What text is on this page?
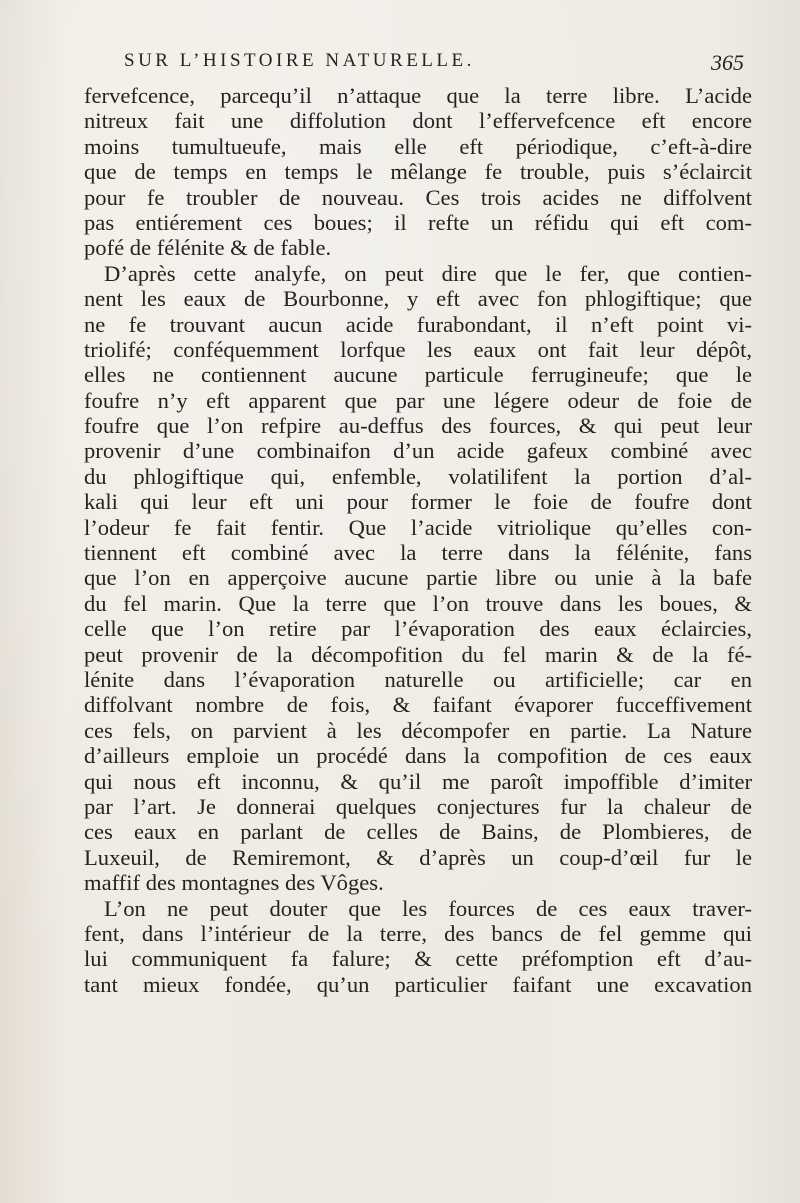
SUR L’HISTOIRE NATURELLE.	365
fervefcence, parcequ’il n’attaque que la terre libre. L’acide
nitreux fait une diffolution dont l’effervefcence eft encore
moins tumultueufe, mais elle eft périodique, c’eft-à-dire
que de temps en temps le mêlange fe trouble, puis s’éclaircit
pour fe troubler de nouveau. Ces trois acides ne diffolvent
pas entiérement ces boues; il refte un réfidu qui eft com-
pofé de félénite & de fable.
D’après cette analyfe, on peut dire que le fer, que contien-
nent les eaux de Bourbonne, y eft avec fon phlogiftique; que
ne fe trouvant aucun acide furabondant, il n’eft point vi-
triolifé; conféquemment lorfque les eaux ont fait leur dépôt,
elles ne contiennent aucune particule ferrugineufe; que le
foufre n’y eft apparent que par une légere odeur de foie de
foufre que l’on refpire au-deffus des fources, & qui peut leur
provenir d’une combinaifon d’un acide gafeux combiné avec
du phlogiftique qui, enfemble, volatilifent la portion d’al-
kali qui leur eft uni pour former le foie de foufre dont
l’odeur fe fait fentir. Que l’acide vitriolique qu’elles con-
tiennent eft combiné avec la terre dans la félénite, fans
que l’on en apperçoive aucune partie libre ou unie à la bafe
du fel marin. Que la terre que l’on trouve dans les boues, &
celle que l’on retire par l’évaporation des eaux éclaircies,
peut provenir de la décompofition du fel marin & de la fé-
lénite dans l’évaporation naturelle ou artificielle; car en
diffolvant nombre de fois, & faifant évaporer fucceffivement
ces fels, on parvient à les décompofer en partie. La Nature
d’ailleurs emploie un procédé dans la compofition de ces eaux
qui nous eft inconnu, & qu’il me paroît impoffible d’imiter
par l’art. Je donnerai quelques conjectures fur la chaleur de
ces eaux en parlant de celles de Bains, de Plombieres, de
Luxeuil, de Remiremont, & d’après un coup-d’œil fur le
maffif des montagnes des Vôges.
L’on ne peut douter que les fources de ces eaux traver-
fent, dans l’intérieur de la terre, des bancs de fel gemme qui
lui communiquent fa falure; & cette préfomption eft d’au-
tant mieux fondée, qu’un particulier faifant une excavation
